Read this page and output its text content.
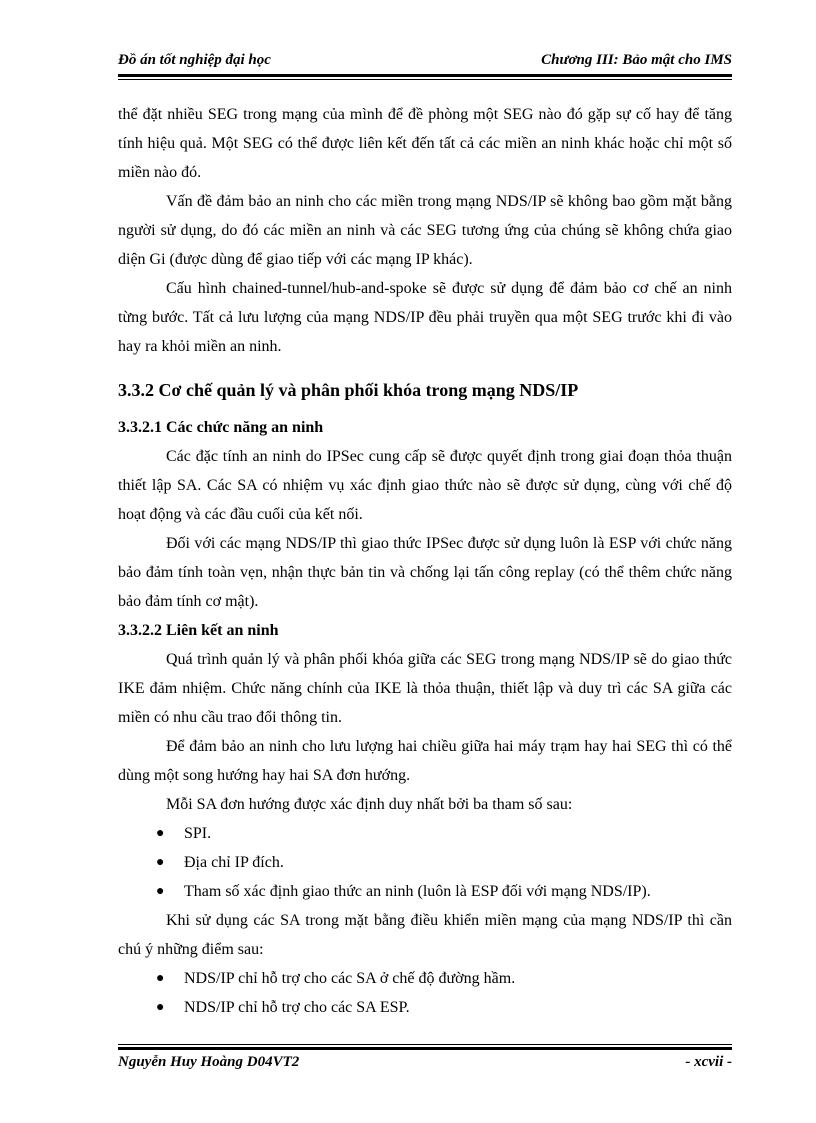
Đồ án tốt nghiệp đại học	Chương III: Bảo mật cho IMS

thể đặt nhiều SEG trong mạng của mình để đề phòng một SEG nào đó gặp sự cố hay để tăng tính hiệu quả. Một SEG có thể được liên kết đến tất cả các miền an ninh khác hoặc chỉ một số miền nào đó.

Vấn đề đảm bảo an ninh cho các miền trong mạng NDS/IP sẽ không bao gồm mặt bằng người sử dụng, do đó các miền an ninh và các SEG tương ứng của chúng sẽ không chứa giao diện Gi (được dùng để giao tiếp với các mạng IP khác).

Cấu hình chained-tunnel/hub-and-spoke sẽ được sử dụng để đảm bảo cơ chế an ninh từng bước. Tất cả lưu lượng của mạng NDS/IP đều phải truyền qua một SEG trước khi đi vào hay ra khỏi miền an ninh.

3.3.2 Cơ chế quản lý và phân phối khóa trong mạng NDS/IP
3.3.2.1 Các chức năng an ninh

Các đặc tính an ninh do IPSec cung cấp sẽ được quyết định trong giai đoạn thỏa thuận thiết lập SA. Các SA có nhiệm vụ xác định giao thức nào sẽ được sử dụng, cùng với chế độ hoạt động và các đầu cuối của kết nối.

Đối với các mạng NDS/IP thì giao thức IPSec được sử dụng luôn là ESP với chức năng bảo đảm tính toàn vẹn, nhận thực bản tin và chống lại tấn công replay (có thể thêm chức năng bảo đảm tính cơ mật).

3.3.2.2 Liên kết an ninh

Quá trình quản lý và phân phối khóa giữa các SEG trong mạng NDS/IP sẽ do giao thức IKE đảm nhiệm. Chức năng chính của IKE là thỏa thuận, thiết lập và duy trì các SA giữa các miền có nhu cầu trao đổi thông tin.

Để đảm bảo an ninh cho lưu lượng hai chiều giữa hai máy trạm hay hai SEG thì có thể dùng một song hướng hay hai SA đơn hướng.

Mỗi SA đơn hướng được xác định duy nhất bởi ba tham số sau:

● SPI.
● Địa chỉ IP đích.
● Tham số xác định giao thức an ninh (luôn là ESP đối với mạng NDS/IP).

Khi sử dụng các SA trong mặt bằng điều khiển miền mạng của mạng NDS/IP thì cần chú ý những điểm sau:

● NDS/IP chỉ hỗ trợ cho các SA ở chế độ đường hầm.
● NDS/IP chỉ hỗ trợ cho các SA ESP.
Nguyễn Huy Hoàng D04VT2	- xcvii -
